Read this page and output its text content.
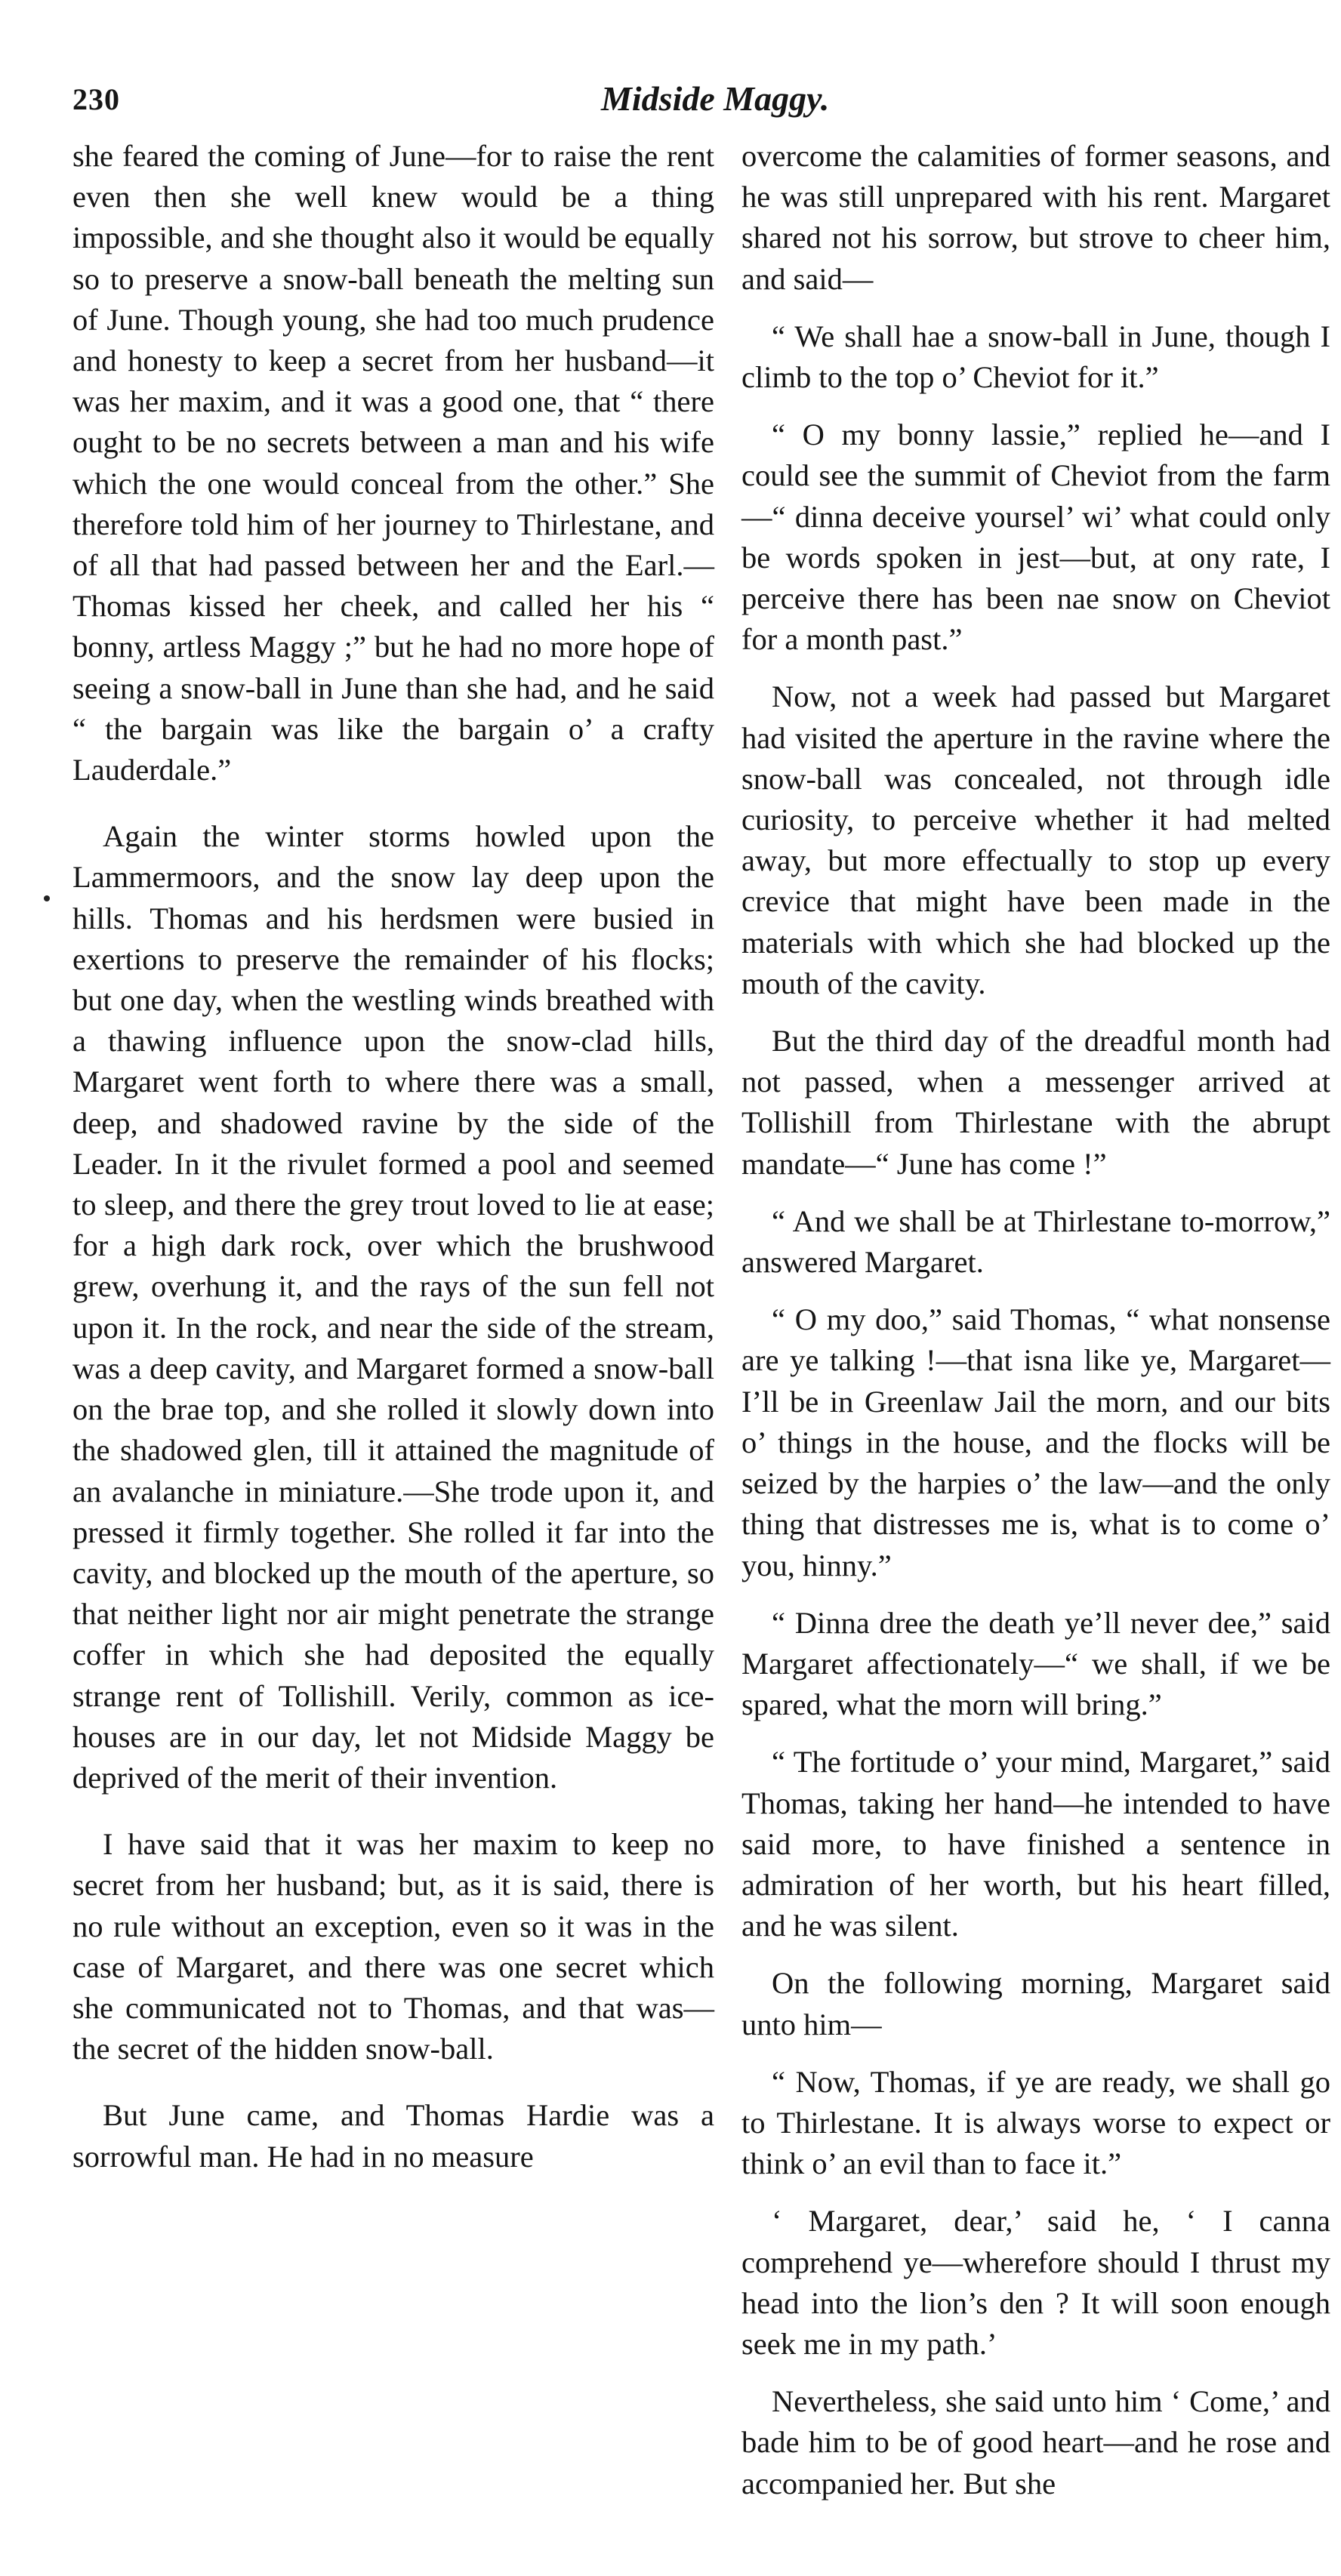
230	Midside Maggy.

she feared the coming of June—for to raise the rent even then she well knew would be a thing impossible, and she thought also it would be equally so to preserve a snow-ball beneath the melting sun of June. Though young, she had too much prudence and honesty to keep a secret from her husband—it was her maxim, and it was a good one, that “ there ought to be no secrets between a man and his wife which the one would conceal from the other.” She therefore told him of her journey to Thirlestane, and of all that had passed between her and the Earl.—Thomas kissed her cheek, and called her his “ bonny, artless Maggy ;” but he had no more hope of seeing a snow-ball in June than she had, and he said “ the bargain was like the bargain o’ a crafty Lauderdale.”

Again the winter storms howled upon the Lammermoors, and the snow lay deep upon the hills. Thomas and his herdsmen were busied in exertions to preserve the remainder of his flocks; but one day, when the westling winds breathed with a thawing influence upon the snow-clad hills, Margaret went forth to where there was a small, deep, and shadowed ravine by the side of the Leader. In it the rivulet formed a pool and seemed to sleep, and there the grey trout loved to lie at ease; for a high dark rock, over which the brushwood grew, overhung it, and the rays of the sun fell not upon it. In the rock, and near the side of the stream, was a deep cavity, and Margaret formed a snow-ball on the brae top, and she rolled it slowly down into the shadowed glen, till it attained the magnitude of an avalanche in miniature.—She trode upon it, and pressed it firmly together. She rolled it far into the cavity, and blocked up the mouth of the aperture, so that neither light nor air might penetrate the strange coffer in which she had deposited the equally strange rent of Tollishill. Verily, common as ice-houses are in our day, let not Midside Maggy be deprived of the merit of their invention.

I have said that it was her maxim to keep no secret from her husband; but, as it is said, there is no rule without an exception, even so it was in the case of Margaret, and there was one secret which she communicated not to Thomas, and that was—the secret of the hidden snow-ball.

But June came, and Thomas Hardie was a sorrowful man. He had in no measure

overcome the calamities of former seasons, and he was still unprepared with his rent. Margaret shared not his sorrow, but strove to cheer him, and said—

“ We shall hae a snow-ball in June, though I climb to the top o’ Cheviot for it.”

“ O my bonny lassie,” replied he—and I could see the summit of Cheviot from the farm—“ dinna deceive yoursel’ wi’ what could only be words spoken in jest—but, at ony rate, I perceive there has been nae snow on Cheviot for a month past.”

Now, not a week had passed but Margaret had visited the aperture in the ravine where the snow-ball was concealed, not through idle curiosity, to perceive whether it had melted away, but more effectually to stop up every crevice that might have been made in the materials with which she had blocked up the mouth of the cavity.

But the third day of the dreadful month had not passed, when a messenger arrived at Tollishill from Thirlestane with the abrupt mandate—“ June has come !”

“ And we shall be at Thirlestane to-morrow,” answered Margaret.

“ O my doo,” said Thomas, “ what nonsense are ye talking !—that isna like ye, Margaret—I’ll be in Greenlaw Jail the morn, and our bits o’ things in the house, and the flocks will be seized by the harpies o’ the law—and the only thing that distresses me is, what is to come o’ you, hinny.”

“ Dinna dree the death ye’ll never dee,” said Margaret affectionately—“ we shall, if we be spared, what the morn will bring.”

“ The fortitude o’ your mind, Margaret,” said Thomas, taking her hand—he intended to have said more, to have finished a sentence in admiration of her worth, but his heart filled, and he was silent.

On the following morning, Margaret said unto him—

“ Now, Thomas, if ye are ready, we shall go to Thirlestane. It is always worse to expect or think o’ an evil than to face it.”

‘ Margaret, dear,’ said he, ‘ I canna comprehend ye—wherefore should I thrust my head into the lion’s den ? It will soon enough seek me in my path.’

Nevertheless, she said unto him ‘ Come,’ and bade him to be of good heart—and he rose and accompanied her. But she
